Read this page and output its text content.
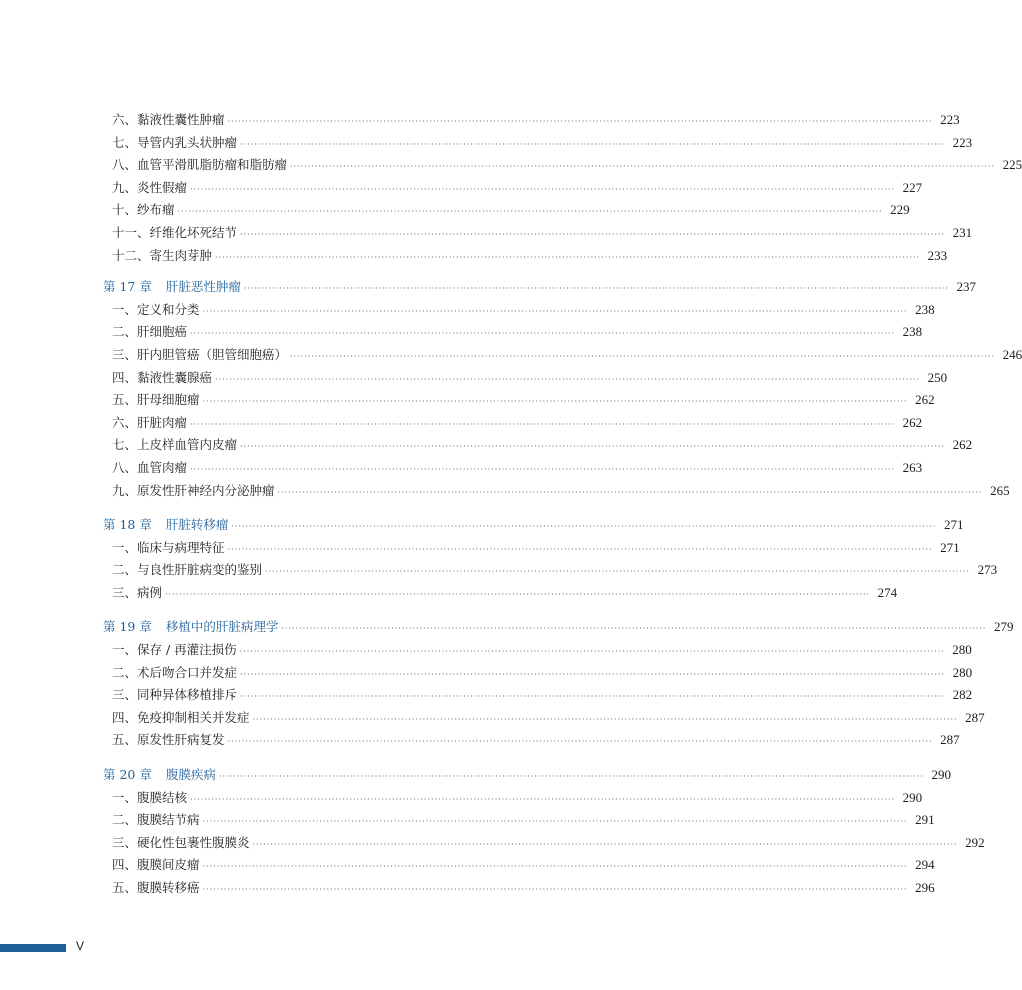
六、黏液性囊性肿瘤 ······································································································································································································· 223
七、导管内乳头状肿瘤 ······································································································································································································· 223
八、血管平滑肌脂肪瘤和脂肪瘤 ······································································································································································································· 225
九、炎性假瘤 ······································································································································································································· 227
十、纱布瘤 ······································································································································································································· 229
十一、纤维化坏死结节 ······································································································································································································· 231
十二、寄生肉芽肿 ······································································································································································································· 233
第 17 章 肝脏恶性肿瘤 ······································································································································································································· 237
一、定义和分类 ······································································································································································································· 238
二、肝细胞癌 ······································································································································································································· 238
三、肝内胆管癌（胆管细胞癌） ······································································································································································································· 246
四、黏液性囊腺癌 ······································································································································································································· 250
五、肝母细胞瘤 ······································································································································································································· 262
六、肝脏肉瘤 ······································································································································································································· 262
七、上皮样血管内皮瘤 ······································································································································································································· 262
八、血管肉瘤 ······································································································································································································· 263
九、原发性肝神经内分泌肿瘤 ······································································································································································································· 265
第 18 章 肝脏转移瘤 ······································································································································································································· 271
一、临床与病理特征 ······································································································································································································· 271
二、与良性肝脏病变的鉴别 ······································································································································································································· 273
三、病例 ······································································································································································································· 274
第 19 章 移植中的肝脏病理学 ······································································································································································································· 279
一、保存 / 再灌注损伤 ······································································································································································································· 280
二、术后吻合口并发症 ······································································································································································································· 280
三、同种异体移植排斥 ······································································································································································································· 282
四、免疫抑制相关并发症 ······································································································································································································· 287
五、原发性肝病复发 ······································································································································································································· 287
第 20 章 腹膜疾病 ······································································································································································································· 290
一、腹膜结核 ······································································································································································································· 290
二、腹膜结节病 ······································································································································································································· 291
三、硬化性包裹性腹膜炎 ······································································································································································································· 292
四、腹膜间皮瘤 ······································································································································································································· 294
五、腹膜转移癌 ······································································································································································································· 296
V
